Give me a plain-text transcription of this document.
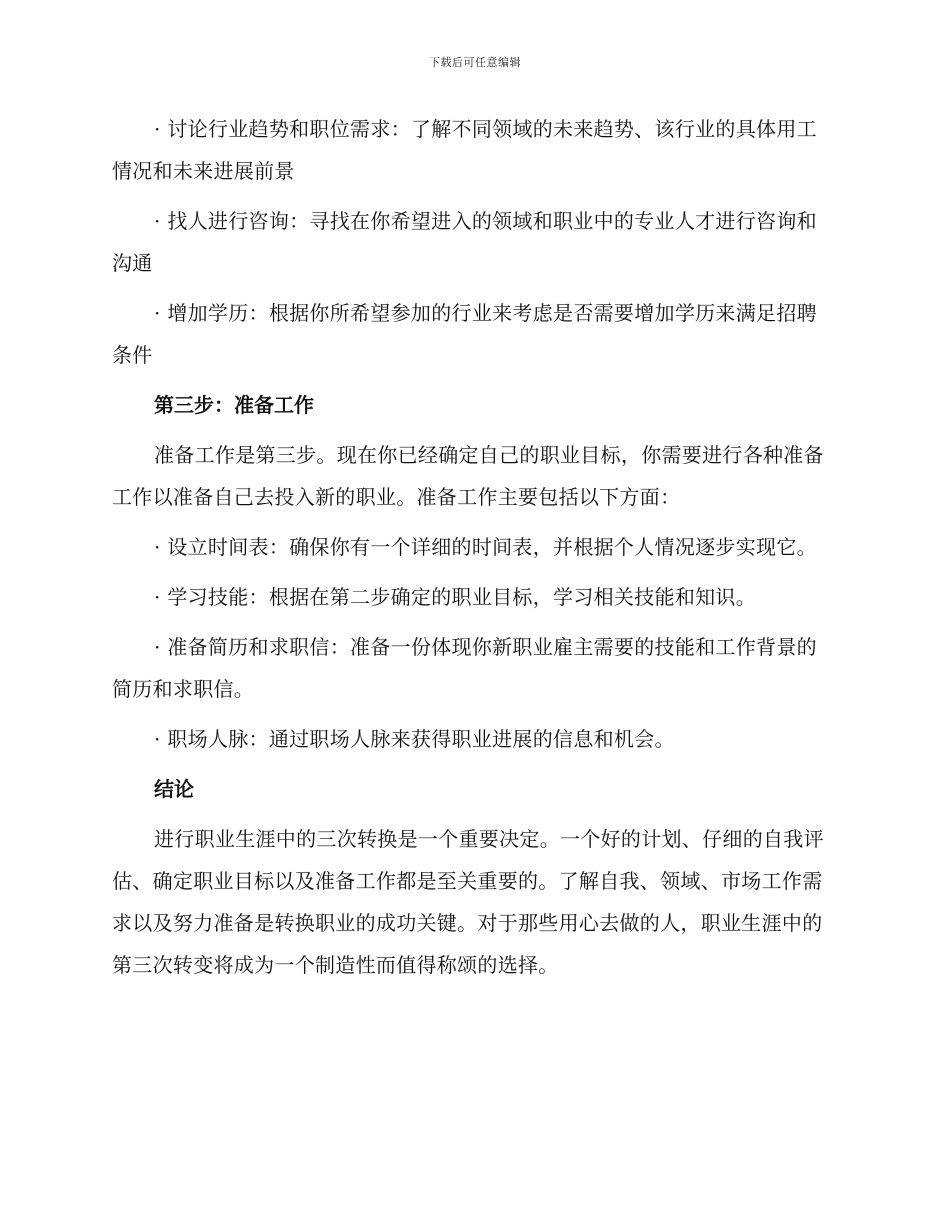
下载后可任意编辑

· 讨论行业趋势和职位需求：了解不同领域的未来趋势、该行业的具体用工情况和未来进展前景

· 找人进行咨询：寻找在你希望进入的领域和职业中的专业人才进行咨询和沟通

· 增加学历：根据你所希望参加的行业来考虑是否需要增加学历来满足招聘条件

第三步：准备工作

准备工作是第三步。现在你已经确定自己的职业目标，你需要进行各种准备工作以准备自己去投入新的职业。准备工作主要包括以下方面：

· 设立时间表：确保你有一个详细的时间表，并根据个人情况逐步实现它。

· 学习技能：根据在第二步确定的职业目标，学习相关技能和知识。

· 准备简历和求职信：准备一份体现你新职业雇主需要的技能和工作背景的简历和求职信。

· 职场人脉：通过职场人脉来获得职业进展的信息和机会。

结论

进行职业生涯中的三次转换是一个重要决定。一个好的计划、仔细的自我评估、确定职业目标以及准备工作都是至关重要的。了解自我、领域、市场工作需求以及努力准备是转换职业的成功关键。对于那些用心去做的人，职业生涯中的第三次转变将成为一个制造性而值得称颂的选择。
